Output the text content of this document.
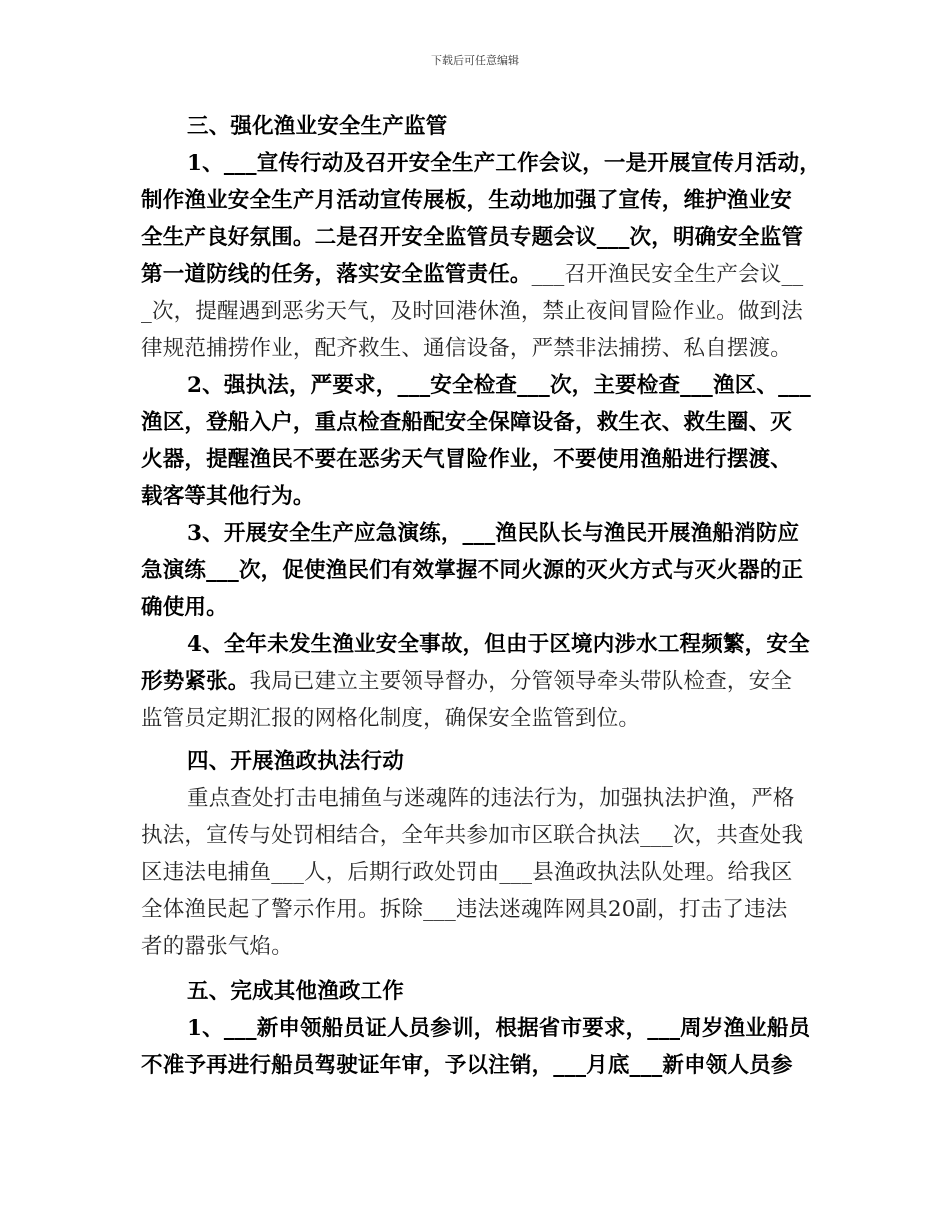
下载后可任意编辑
三、强化渔业安全生产监管
1、___宣传行动及召开安全生产工作会议，一是开展宣传月活动，
制作渔业安全生产月活动宣传展板，生动地加强了宣传，维护渔业安
全生产良好氛围。二是召开安全监管员专题会议___次，明确安全监管
第一道防线的任务，落实安全监管责任。___召开渔民安全生产会议__
_次，提醒遇到恶劣天气，及时回港休渔，禁止夜间冒险作业。做到法
律规范捕捞作业，配齐救生、通信设备，严禁非法捕捞、私自摆渡。
2、强执法，严要求，___安全检查___次，主要检查___渔区、___
渔区，登船入户，重点检查船配安全保障设备，救生衣、救生圈、灭
火器，提醒渔民不要在恶劣天气冒险作业，不要使用渔船进行摆渡、
载客等其他行为。
3、开展安全生产应急演练，___渔民队长与渔民开展渔船消防应
急演练___次，促使渔民们有效掌握不同火源的灭火方式与灭火器的正
确使用。
4、全年未发生渔业安全事故，但由于区境内涉水工程频繁，安全
形势紧张。我局已建立主要领导督办，分管领导牵头带队检查，安全
监管员定期汇报的网格化制度，确保安全监管到位。
四、开展渔政执法行动
重点查处打击电捕鱼与迷魂阵的违法行为，加强执法护渔，严格
执法，宣传与处罚相结合，全年共参加市区联合执法___次，共查处我
区违法电捕鱼___人，后期行政处罚由___县渔政执法队处理。给我区
全体渔民起了警示作用。拆除___违法迷魂阵网具20副，打击了违法
者的嚣张气焰。
五、完成其他渔政工作
1、___新申领船员证人员参训，根据省市要求，___周岁渔业船员
不准予再进行船员驾驶证年审，予以注销，___月底___新申领人员参
